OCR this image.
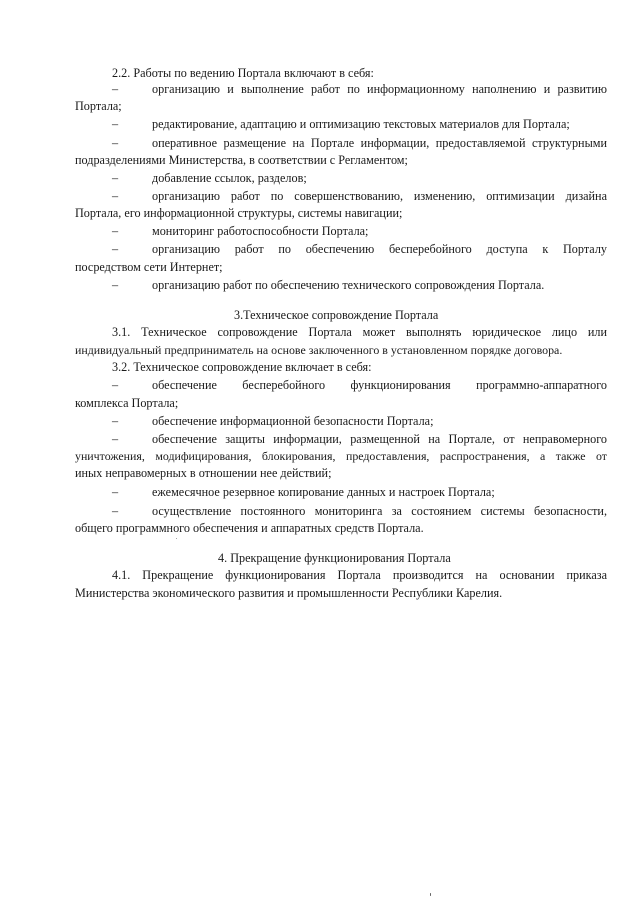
2.2. Работы по ведению Портала включают в себя:
–	организацию и выполнение работ по информационному наполнению и развитию
Портала;
–	редактирование, адаптацию и оптимизацию текстовых материалов для Портала;
–	оперативное размещение на Портале информации, предоставляемой структурными
подразделениями Министерства, в соответствии с Регламентом;
–	добавление ссылок, разделов;
–	организацию работ по совершенствованию, изменению, оптимизации дизайна
Портала, его информационной структуры, системы навигации;
–	мониторинг работоспособности Портала;
–	организацию работ по обеспечению бесперебойного доступа к Порталу
посредством сети Интернет;
–	организацию работ по обеспечению технического сопровождения Портала.
3.Техническое сопровождение Портала
3.1. Техническое сопровождение Портала может выполнять юридическое лицо или
индивидуальный предприниматель на основе заключенного в установленном порядке договора.
3.2. Техническое сопровождение включает в себя:
–	обеспечение бесперебойного функционирования программно-аппаратного
комплекса Портала;
–	обеспечение информационной безопасности Портала;
–	обеспечение защиты информации, размещенной на Портале, от неправомерного
уничтожения, модифицирования, блокирования, предоставления, распространения, а также от
иных неправомерных в отношении нее действий;
–	ежемесячное резервное копирование данных и настроек Портала;
–	осуществление постоянного мониторинга за состоянием системы безопасности,
общего программного обеспечения и аппаратных средств Портала.
4. Прекращение функционирования Портала
4.1. Прекращение функционирования Портала производится на основании приказа
Министерства экономического развития и промышленности Республики Карелия.
